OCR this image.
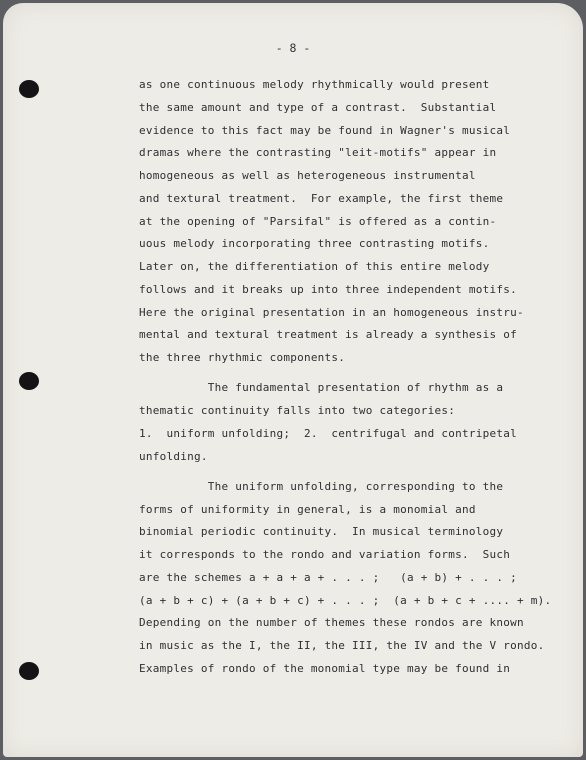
- 8 -

as one continuous melody rhythmically would present
the same amount and type of a contrast.  Substantial
evidence to this fact may be found in Wagner's musical
dramas where the contrasting "leit-motifs" appear in
homogeneous as well as heterogeneous instrumental
and textural treatment.  For example, the first theme
at the opening of "Parsifal" is offered as a contin-
uous melody incorporating three contrasting motifs.
Later on, the differentiation of this entire melody
follows and it breaks up into three independent motifs.
Here the original presentation in an homogeneous instru-
mental and textural treatment is already a synthesis of
the three rhythmic components.
The fundamental presentation of rhythm as a
thematic continuity falls into two categories:
1.  uniform unfolding;  2.  centrifugal and contripetal
unfolding.
The uniform unfolding, corresponding to the
forms of uniformity in general, is a monomial and
binomial periodic continuity.  In musical terminology
it corresponds to the rondo and variation forms.  Such
are the schemes a + a + a + . . . ;   (a + b) + . . . ;
(a + b + c) + (a + b + c) + . . . ;  (a + b + c + .... + m).
Depending on the number of themes these rondos are known
in music as the I, the II, the III, the IV and the V rondo.
Examples of rondo of the monomial type may be found in
